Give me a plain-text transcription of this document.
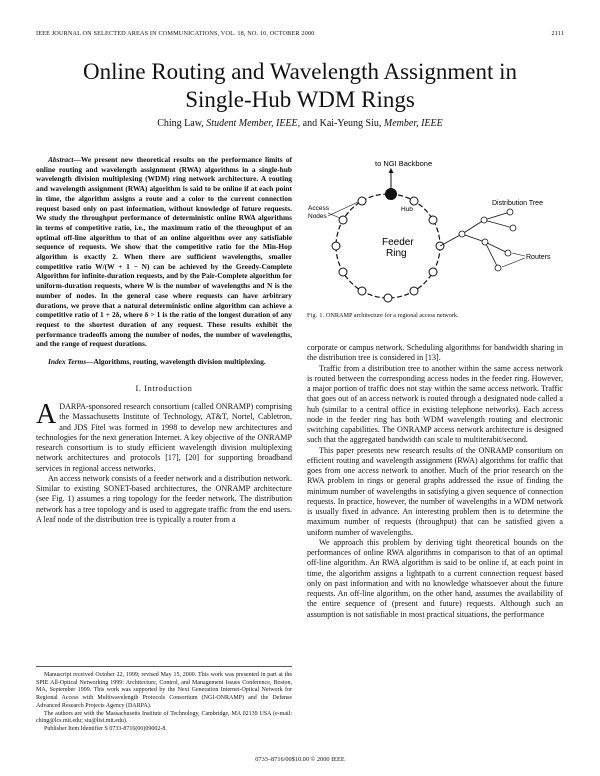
IEEE JOURNAL ON SELECTED AREAS IN COMMUNICATIONS, VOL. 18, NO. 10, OCTOBER 2000	2111
Online Routing and Wavelength Assignment in
Single-Hub WDM Rings
Ching Law, Student Member, IEEE, and Kai-Yeung Siu, Member, IEEE

Abstract—We present new theoretical results on the performance limits of online routing and wavelength assignment (RWA) algorithms in a single-hub wavelength division multiplexing (WDM) ring network architecture. A routing and wavelength assignment (RWA) algorithm is said to be online if at each point in time, the algorithm assigns a route and a color to the current connection request based only on past information, without knowledge of future requests. We study the throughput performance of deterministic online RWA algorithms in terms of competitive ratio, i.e., the maximum ratio of the throughput of an optimal off-line algorithm to that of an online algorithm over any satisfiable sequence of requests. We show that the competitive ratio for the Min-Hop algorithm is exactly 2. When there are sufficient wavelengths, smaller competitive ratio W/(W + 1 − N) can be achieved by the Greedy-Complete Algorithm for infinite-duration requests, and by the Pair-Complete algorithm for uniform-duration requests, where W is the number of wavelengths and N is the number of nodes. In the general case where requests can have arbitrary durations, we prove that a natural deterministic online algorithm can achieve a competitive ratio of 1 + 2δ, where δ > 1 is the ratio of the longest duration of any request to the shortest duration of any request. These results exhibit the performance tradeoffs among the number of nodes, the number of wavelengths, and the range of request durations.

Index Terms—Algorithms, routing, wavelength division multiplexing.

I. Introduction

ADARPA-sponsored research consortium (called ONRAMP) comprising the Massachusetts Institute of Technology, AT&T, Nortel, Cabletron, and JDS Fitel was formed in 1998 to develop new architectures and technologies for the next generation Internet. A key objective of the ONRAMP research consortium is to study efficient wavelength division multiplexing network architectures and protocols [17], [20] for supporting broadband services in regional access networks.

An access network consists of a feeder network and a distribution network. Similar to existing SONET-based architectures, the ONRAMP architecture (see Fig. 1) assumes a ring topology for the feeder network. The distribution network has a tree topology and is used to aggregate traffic from the end users. A leaf node of the distribution tree is typically a router from a

Manuscript received October 22, 1999; revised May 15, 2000. This work was presented in part at the SPIE All-Optical Networking 1999: Architecture, Control, and Management Issues Conference, Boston, MA, September 1999. This work was supported by the Next Generation Internet-Optical Network for Regional Access with Multiwavelength Protocols Consortium (NGI-ONRAMP) and the Defense Advanced Research Projects Agency (DARPA).

The authors are with the Massachusetts Institute of Technology, Cambridge, MA 02139 USA (e-mail: ching@lcs.mit.edu; siu@list.mit.edu).

Publisher Item Identifier S 0733-8716(00)09002-8.

to NGI Backbone
Hub
Access
Nodes
Feeder
Ring
Distribution Tree
Routers
Fig. 1. ONRAMP architecture for a regional access network.

corporate or campus network. Scheduling algorithms for bandwidth sharing in the distribution tree is considered in [13].

Traffic from a distribution tree to another within the same access network is routed between the corresponding access nodes in the feeder ring. However, a major portion of traffic does not stay within the same access network. Traffic that goes out of an access network is routed through a designated node called a hub (similar to a central office in existing telephone networks). Each access node in the feeder ring has both WDM wavelength routing and electronic switching capabilities. The ONRAMP access network architecture is designed such that the aggregated bandwidth can scale to multiterabit/second.

This paper presents new research results of the ONRAMP consortium on efficient routing and wavelength assignment (RWA) algorithms for traffic that goes from one access network to another. Much of the prior research on the RWA problem in rings or general graphs addressed the issue of finding the minimum number of wavelengths in satisfying a given sequence of connection requests. In practice, however, the number of wavelengths in a WDM network is usually fixed in advance. An interesting problem then is to determine the maximum number of requests (throughput) that can be satisfied given a uniform number of wavelengths.

We approach this problem by deriving tight theoretical bounds on the performances of online RWA algorithms in comparison to that of an optimal off-line algorithm. An RWA algorithm is said to be online if, at each point in time, the algorithm assigns a lightpath to a current connection request based only on past information and with no knowledge whatsoever about the future requests. An off-line algorithm, on the other hand, assumes the availability of the entire sequence of (present and future) requests. Although such an assumption is not satisfiable in most practical situations, the performance

0733–8716/00$10.00 © 2000 IEEE
